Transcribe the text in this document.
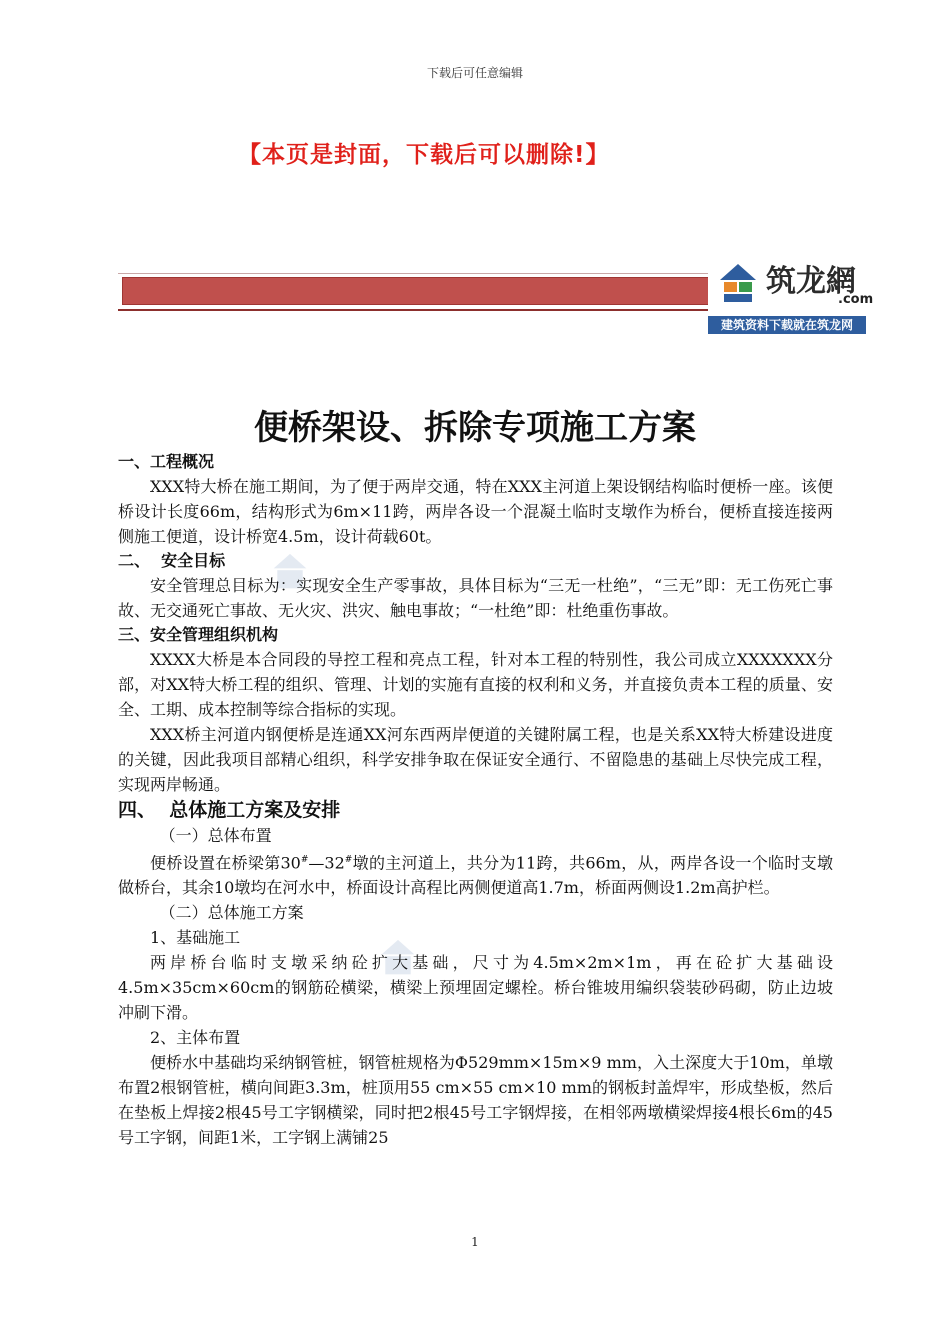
下载后可任意编辑
【本页是封面，下载后可以删除!】
筑龙網
.com
建筑资料下载就在筑龙网
便桥架设、拆除专项施工方案
一、工程概况

XXX特大桥在施工期间，为了便于两岸交通，特在XXX主河道上架设钢结构临时便桥一座。该便桥设计长度66m，结构形式为6m×11跨，两岸各设一个混凝土临时支墩作为桥台，便桥直接连接两侧施工便道，设计桥宽4.5m，设计荷载60t。

二、  安全目标

安全管理总目标为：实现安全生产零事故，具体目标为“三无一杜绝”，“三无”即：无工伤死亡事故、无交通死亡事故、无火灾、洪灾、触电事故；“一杜绝”即：杜绝重伤事故。

三、安全管理组织机构

XXXX大桥是本合同段的导控工程和亮点工程，针对本工程的特别性，我公司成立XXXXXXX分部，对XX特大桥工程的组织、管理、计划的实施有直接的权利和义务，并直接负责本工程的质量、安全、工期、成本控制等综合指标的实现。

XXX桥主河道内钢便桥是连通XX河东西两岸便道的关键附属工程，也是关系XX特大桥建设进度的关键，因此我项目部精心组织，科学安排争取在保证安全通行、不留隐患的基础上尽快完成工程，实现两岸畅通。

四、  总体施工方案及安排
（一）总体布置

便桥设置在桥梁第30#—32#墩的主河道上，共分为11跨，共66m，从，两岸各设一个临时支墩做桥台，其余10墩均在河水中，桥面设计高程比两侧便道高1.7m，桥面两侧设1.2m高护栏。

（二）总体施工方案
1、基础施工

两岸桥台临时支墩采纳砼扩大基础，尺寸为4.5m×2m×1m，再在砼扩大基础设4.5m×35cm×60cm的钢筋砼横梁，横梁上预埋固定螺栓。桥台锥坡用编织袋装砂码砌，防止边坡冲刷下滑。

2、主体布置

便桥水中基础均采纳钢管桩，钢管桩规格为Φ529mm×15m×9 mm，入土深度大于10m，单墩布置2根钢管桩，横向间距3.3m，桩顶用55 cm×55 cm×10 mm的钢板封盖焊牢，形成垫板，然后在垫板上焊接2根45号工字钢横梁，同时把2根45号工字钢焊接，在相邻两墩横梁焊接4根长6m的45号工字钢，间距1米，工字钢上满铺25

1
